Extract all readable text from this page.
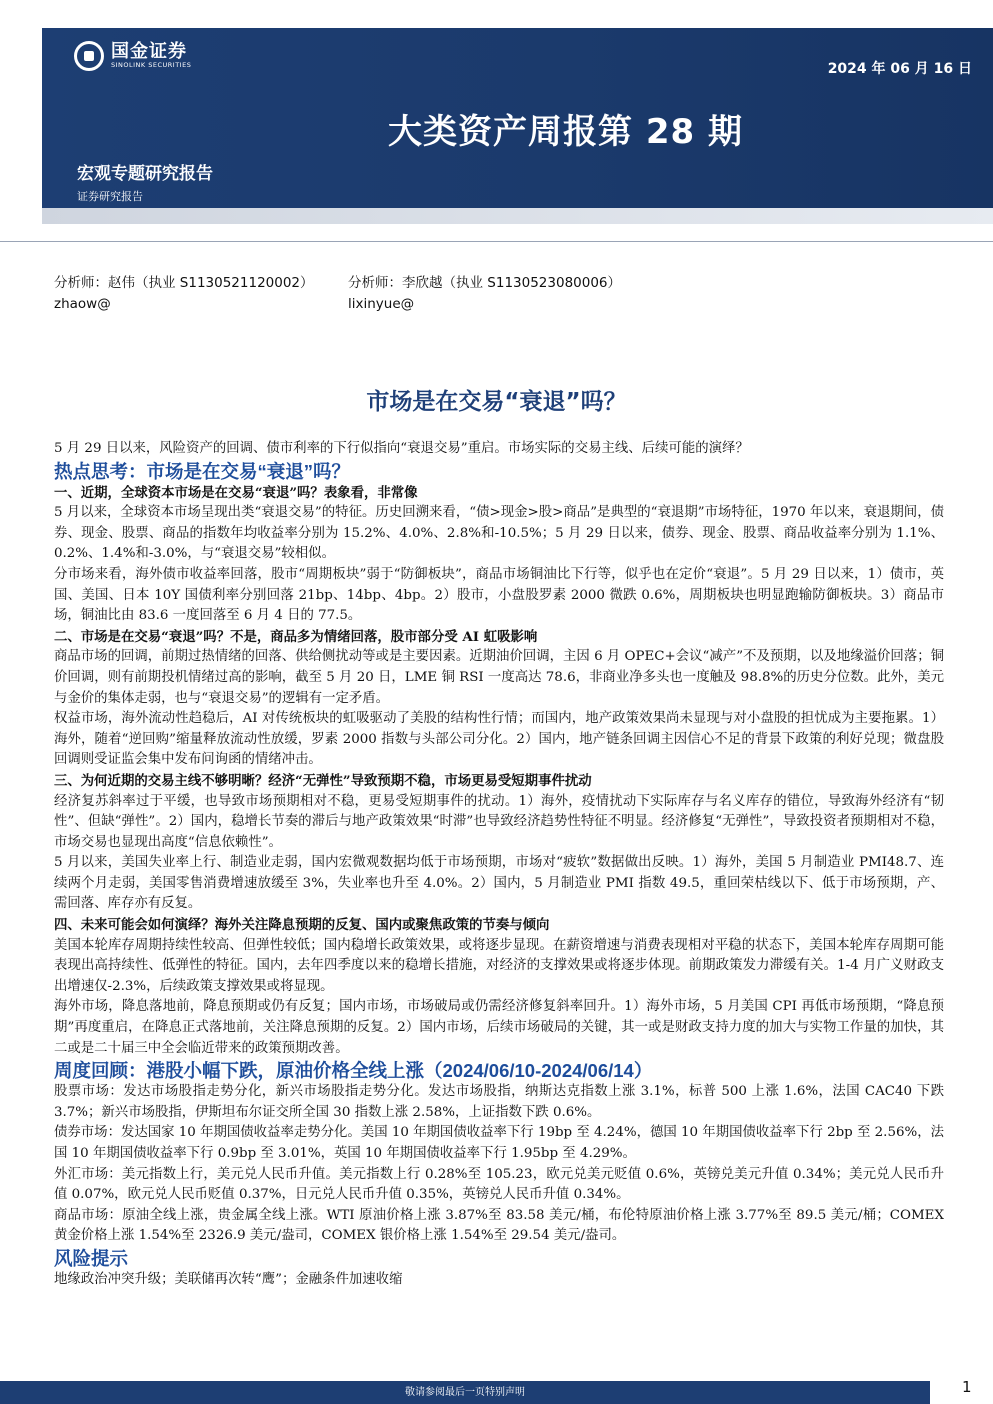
国金证券
SINOLINK SECURITIES	2024 年 06 月 16 日
大类资产周报第 28 期
宏观专题研究报告
证券研究报告
分析师：赵伟（执业 S1130521120002）
zhaow@
分析师：李欣越（执业 S1130523080006）
lixinyue@
市场是在交易“衰退”吗？

5 月 29 日以来，风险资产的回调、债市利率的下行似指向“衰退交易”重启。市场实际的交易主线、后续可能的演绎？

热点思考：市场是在交易“衰退”吗？
一、近期，全球资本市场是在交易“衰退”吗？表象看，非常像

5 月以来，全球资本市场呈现出类“衰退交易”的特征。历史回溯来看，“债>现金>股>商品”是典型的“衰退期”市场特征，1970 年以来，衰退期间，债券、现金、股票、商品的指数年均收益率分别为 15.2%、4.0%、2.8%和-10.5%；5 月 29 日以来，债券、现金、股票、商品收益率分别为 1.1%、0.2%、1.4%和-3.0%，与“衰退交易”较相似。

分市场来看，海外债市收益率回落，股市“周期板块”弱于“防御板块”，商品市场铜油比下行等，似乎也在定价“衰退”。5 月 29 日以来，1）债市，英国、美国、日本 10Y 国债利率分别回落 21bp、14bp、4bp。2）股市，小盘股罗素 2000 微跌 0.6%，周期板块也明显跑输防御板块。3）商品市场，铜油比由 83.6 一度回落至 6 月 4 日的 77.5。

二、市场是在交易“衰退”吗？不是，商品多为情绪回落，股市部分受 AI 虹吸影响

商品市场的回调，前期过热情绪的回落、供给侧扰动等或是主要因素。近期油价回调，主因 6 月 OPEC+会议“减产”不及预期，以及地缘溢价回落；铜价回调，则有前期投机情绪过高的影响，截至 5 月 20 日，LME 铜 RSI 一度高达 78.6，非商业净多头也一度触及 98.8%的历史分位数。此外，美元与金价的集体走弱，也与“衰退交易”的逻辑有一定矛盾。

权益市场，海外流动性趋稳后，AI 对传统板块的虹吸驱动了美股的结构性行情；而国内，地产政策效果尚未显现与对小盘股的担忧成为主要拖累。1）海外，随着“逆回购”缩量释放流动性放缓，罗素 2000 指数与头部公司分化。2）国内，地产链条回调主因信心不足的背景下政策的利好兑现；微盘股回调则受证监会集中发布问询函的情绪冲击。

三、为何近期的交易主线不够明晰？经济“无弹性”导致预期不稳，市场更易受短期事件扰动

经济复苏斜率过于平缓，也导致市场预期相对不稳，更易受短期事件的扰动。1）海外，疫情扰动下实际库存与名义库存的错位，导致海外经济有“韧性”、但缺“弹性”。2）国内，稳增长节奏的滞后与地产政策效果“时滞”也导致经济趋势性特征不明显。经济修复“无弹性”，导致投资者预期相对不稳，市场交易也显现出高度“信息依赖性”。

5 月以来，美国失业率上行、制造业走弱，国内宏微观数据均低于市场预期，市场对“疲软”数据做出反映。1）海外，美国 5 月制造业 PMI48.7、连续两个月走弱，美国零售消费增速放缓至 3%，失业率也升至 4.0%。2）国内，5 月制造业 PMI 指数 49.5，重回荣枯线以下、低于市场预期，产、需回落、库存亦有反复。

四、未来可能会如何演绎？海外关注降息预期的反复、国内或聚焦政策的节奏与倾向

美国本轮库存周期持续性较高、但弹性较低；国内稳增长政策效果，或将逐步显现。在薪资增速与消费表现相对平稳的状态下，美国本轮库存周期可能表现出高持续性、低弹性的特征。国内，去年四季度以来的稳增长措施，对经济的支撑效果或将逐步体现。前期政策发力滞缓有关。1-4 月广义财政支出增速仅-2.3%，后续政策支撑效果或将显现。

海外市场，降息落地前，降息预期或仍有反复；国内市场，市场破局或仍需经济修复斜率回升。1）海外市场，5 月美国 CPI 再低市场预期，“降息预期”再度重启，在降息正式落地前，关注降息预期的反复。2）国内市场，后续市场破局的关键，其一或是财政支持力度的加大与实物工作量的加快，其二或是二十届三中全会临近带来的政策预期改善。

周度回顾：港股小幅下跌，原油价格全线上涨（2024/06/10-2024/06/14）

股票市场：发达市场股指走势分化，新兴市场股指走势分化。发达市场股指，纳斯达克指数上涨 3.1%，标普 500 上涨 1.6%，法国 CAC40 下跌 3.7%；新兴市场股指，伊斯坦布尔证交所全国 30 指数上涨 2.58%，上证指数下跌 0.6%。

债券市场：发达国家 10 年期国债收益率走势分化。美国 10 年期国债收益率下行 19bp 至 4.24%，德国 10 年期国债收益率下行 2bp 至 2.56%，法国 10 年期国债收益率下行 0.9bp 至 3.01%，英国 10 年期国债收益率下行 1.95bp 至 4.29%。

外汇市场：美元指数上行，美元兑人民币升值。美元指数上行 0.28%至 105.23，欧元兑美元贬值 0.6%，英镑兑美元升值 0.34%；美元兑人民币升值 0.07%，欧元兑人民币贬值 0.37%，日元兑人民币升值 0.35%，英镑兑人民币升值 0.34%。

商品市场：原油全线上涨，贵金属全线上涨。WTI 原油价格上涨 3.87%至 83.58 美元/桶，布伦特原油价格上涨 3.77%至 89.5 美元/桶；COMEX 黄金价格上涨 1.54%至 2326.9 美元/盎司，COMEX 银价格上涨 1.54%至 29.54 美元/盎司。

风险提示

地缘政治冲突升级；美联储再次转“鹰”；金融条件加速收缩

敬请参阅最后一页特别声明	1
